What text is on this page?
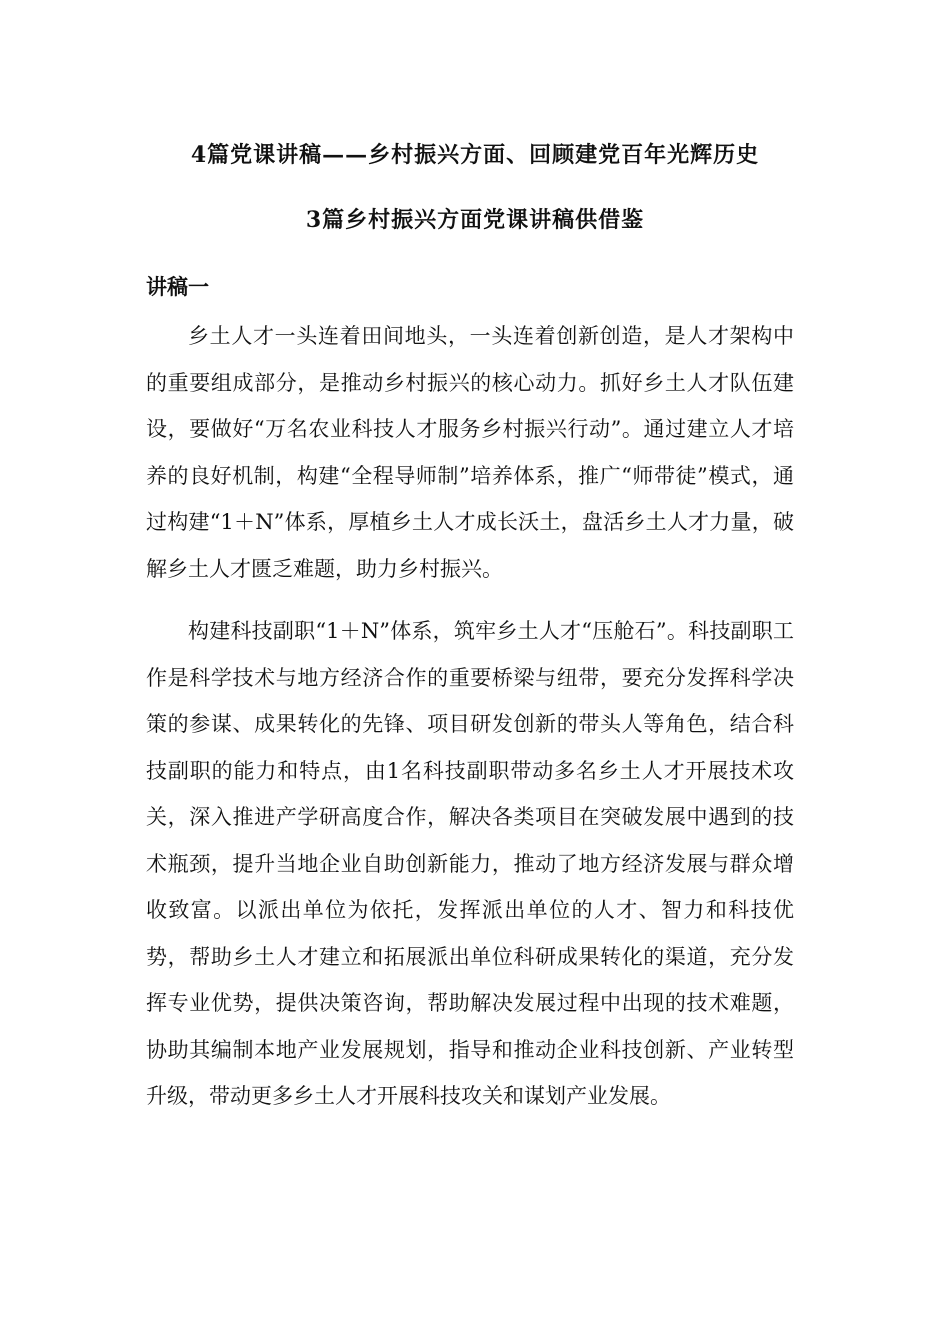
4篇党课讲稿——乡村振兴方面、回顾建党百年光辉历史
3篇乡村振兴方面党课讲稿供借鉴
讲稿一

乡土人才一头连着田间地头，一头连着创新创造，是人才架构中的重要组成部分，是推动乡村振兴的核心动力。抓好乡土人才队伍建设，要做好“万名农业科技人才服务乡村振兴行动”。通过建立人才培养的良好机制，构建“全程导师制”培养体系，推广“师带徒”模式，通过构建“1＋N”体系，厚植乡土人才成长沃土，盘活乡土人才力量，破解乡土人才匮乏难题，助力乡村振兴。

构建科技副职“1＋N”体系，筑牢乡土人才“压舱石”。科技副职工作是科学技术与地方经济合作的重要桥梁与纽带，要充分发挥科学决策的参谋、成果转化的先锋、项目研发创新的带头人等角色，结合科技副职的能力和特点，由1名科技副职带动多名乡土人才开展技术攻关，深入推进产学研高度合作，解决各类项目在突破发展中遇到的技术瓶颈，提升当地企业自助创新能力，推动了地方经济发展与群众增收致富。以派出单位为依托，发挥派出单位的人才、智力和科技优势，帮助乡土人才建立和拓展派出单位科研成果转化的渠道，充分发挥专业优势，提供决策咨询，帮助解决发展过程中出现的技术难题，协助其编制本地产业发展规划，指导和推动企业科技创新、产业转型升级，带动更多乡土人才开展科技攻关和谋划产业发展。
